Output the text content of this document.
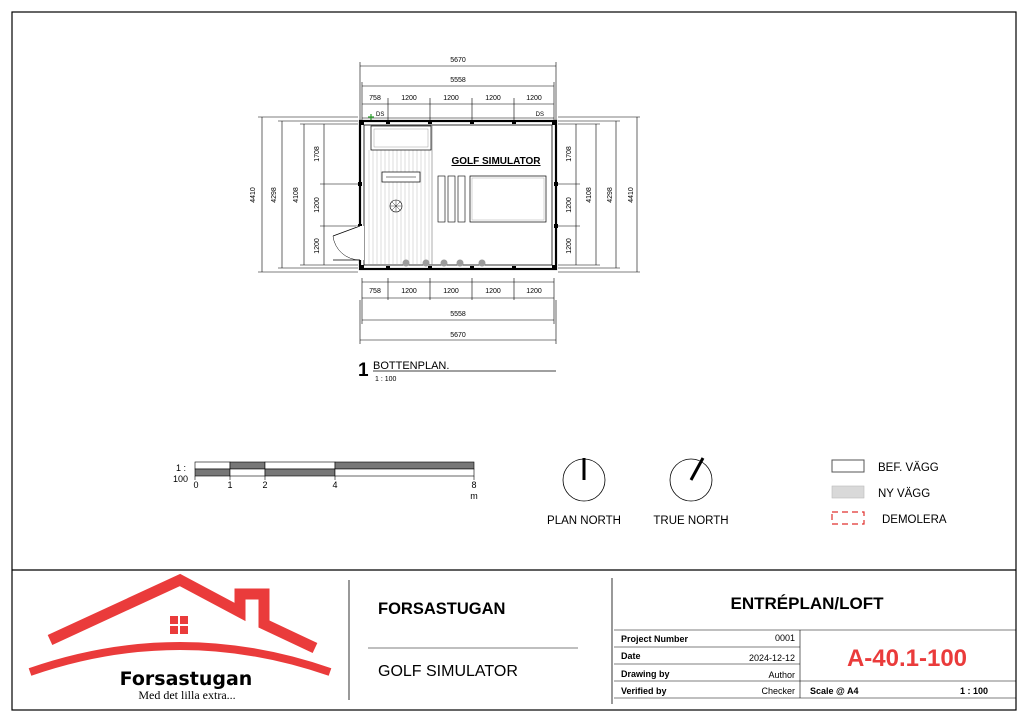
5670
5558
758	1200	1200	1200	1200
DS	DS
758	1200	1200	1200	1200
5558
5670
4410 4298 4108
1708
1200
1200
1708
1200
1200
4108 4298 4410
GOLF SIMULATOR
1 BOTTENPLAN.
1 : 100
1 :
100
0	1	2	4	8
m
PLAN NORTH	TRUE NORTH
BEF. VÄGG
NY VÄGG
DEMOLERA
Forsastugan
Med det lilla extra...
FORSASTUGAN
GOLF SIMULATOR
ENTRÉPLAN/LOFT
Project Number	0001
Date	2024-12-12
Drawing by	Author
Verified by	Checker
A-40.1-100
Scale @ A4	1 : 100
